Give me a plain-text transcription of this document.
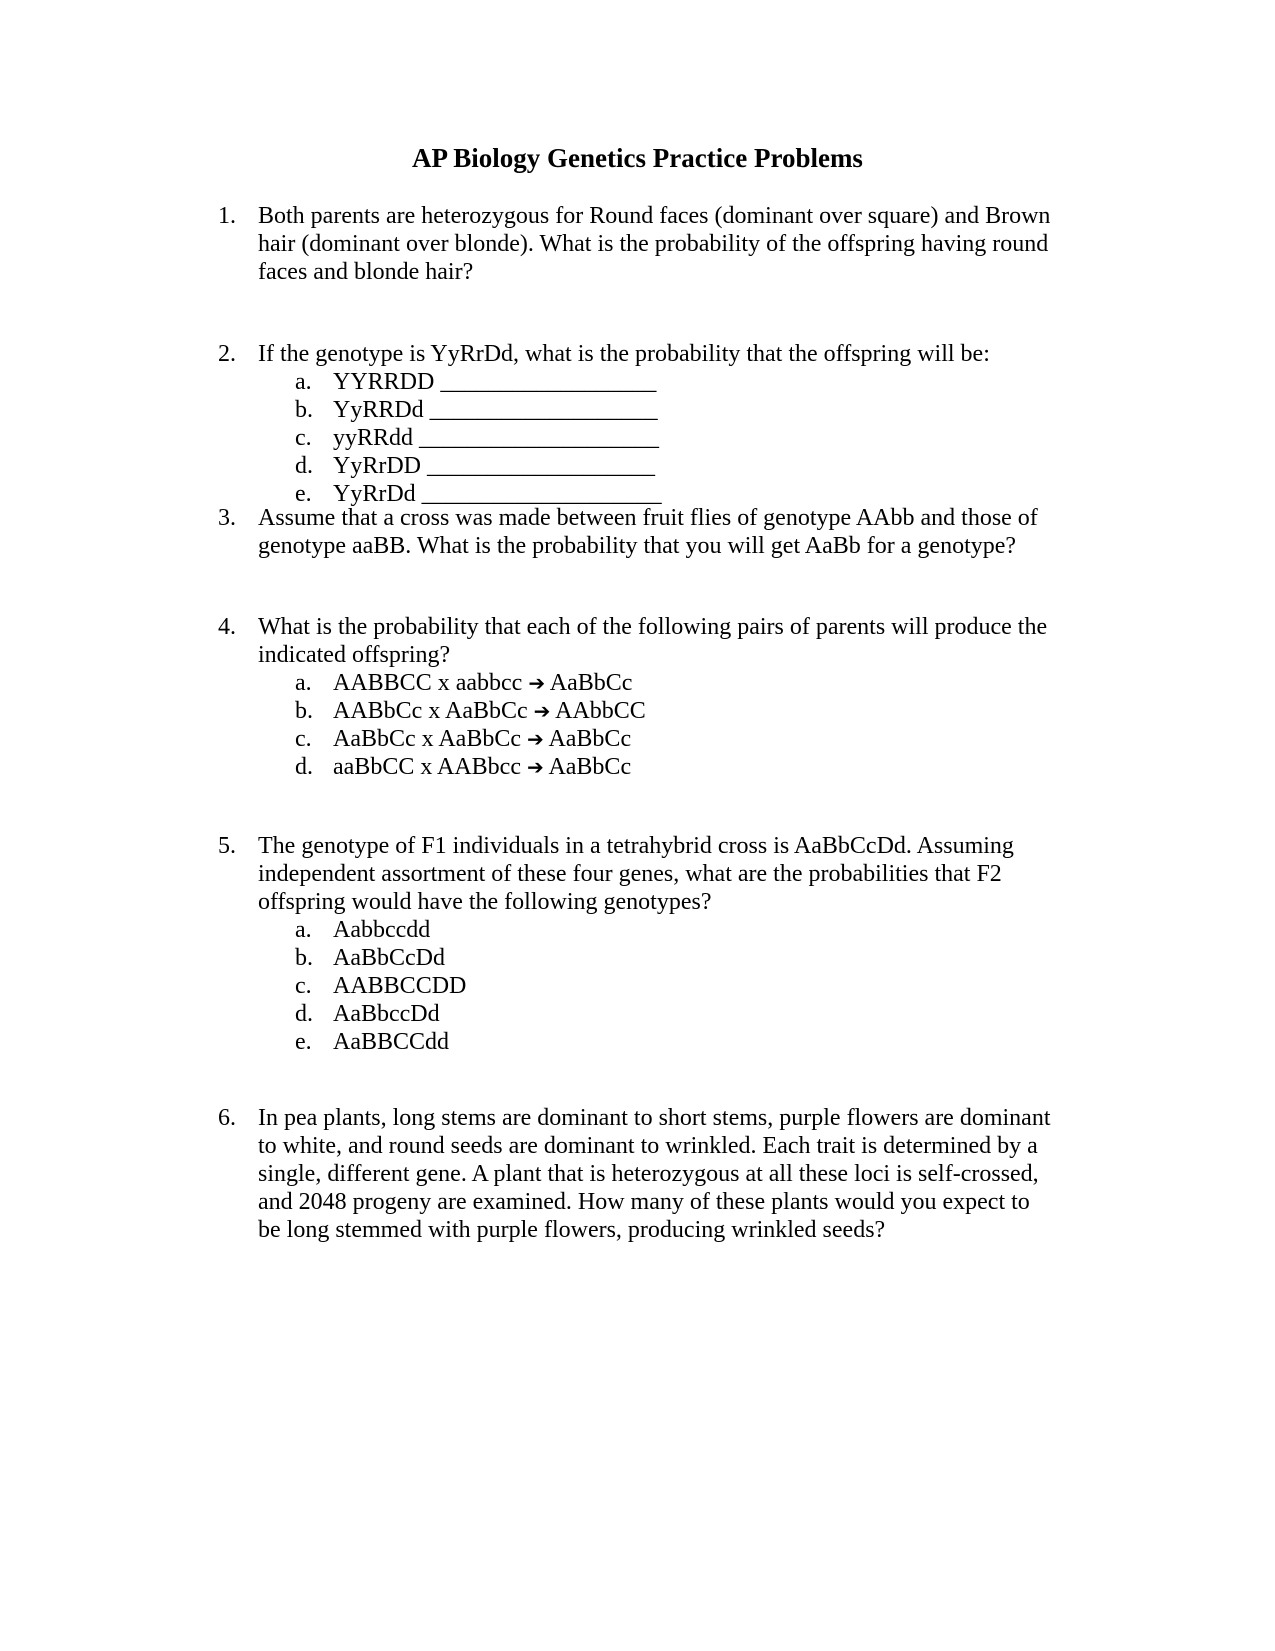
AP Biology Genetics Practice Problems
1. Both parents are heterozygous for Round faces (dominant over square) and Brown hair (dominant over blonde). What is the probability of the offspring having round faces and blonde hair?
2. If the genotype is YyRrDd, what is the probability that the offspring will be:
a. YYRRDD __________________
b. YyRRDd ___________________
c. yyRRdd ____________________
d. YyRrDD ___________________
e. YyRrDd ____________________
3. Assume that a cross was made between fruit flies of genotype AAbb and those of genotype aaBB. What is the probability that you will get AaBb for a genotype?
4. What is the probability that each of the following pairs of parents will produce the indicated offspring?
a. AABBCC x aabbcc ➔ AaBbCc
b. AABbCc x AaBbCc ➔ AAbbCC
c. AaBbCc x AaBbCc ➔ AaBbCc
d. aaBbCC x AABbcc ➔ AaBbCc
5. The genotype of F1 individuals in a tetrahybrid cross is AaBbCcDd. Assuming independent assortment of these four genes, what are the probabilities that F2 offspring would have the following genotypes?
a. Aabbccdd
b. AaBbCcDd
c. AABBCCDD
d. AaBbccDd
e. AaBBCCdd
6. In pea plants, long stems are dominant to short stems, purple flowers are dominant to white, and round seeds are dominant to wrinkled. Each trait is determined by a single, different gene. A plant that is heterozygous at all these loci is self-crossed, and 2048 progeny are examined. How many of these plants would you expect to be long stemmed with purple flowers, producing wrinkled seeds?
